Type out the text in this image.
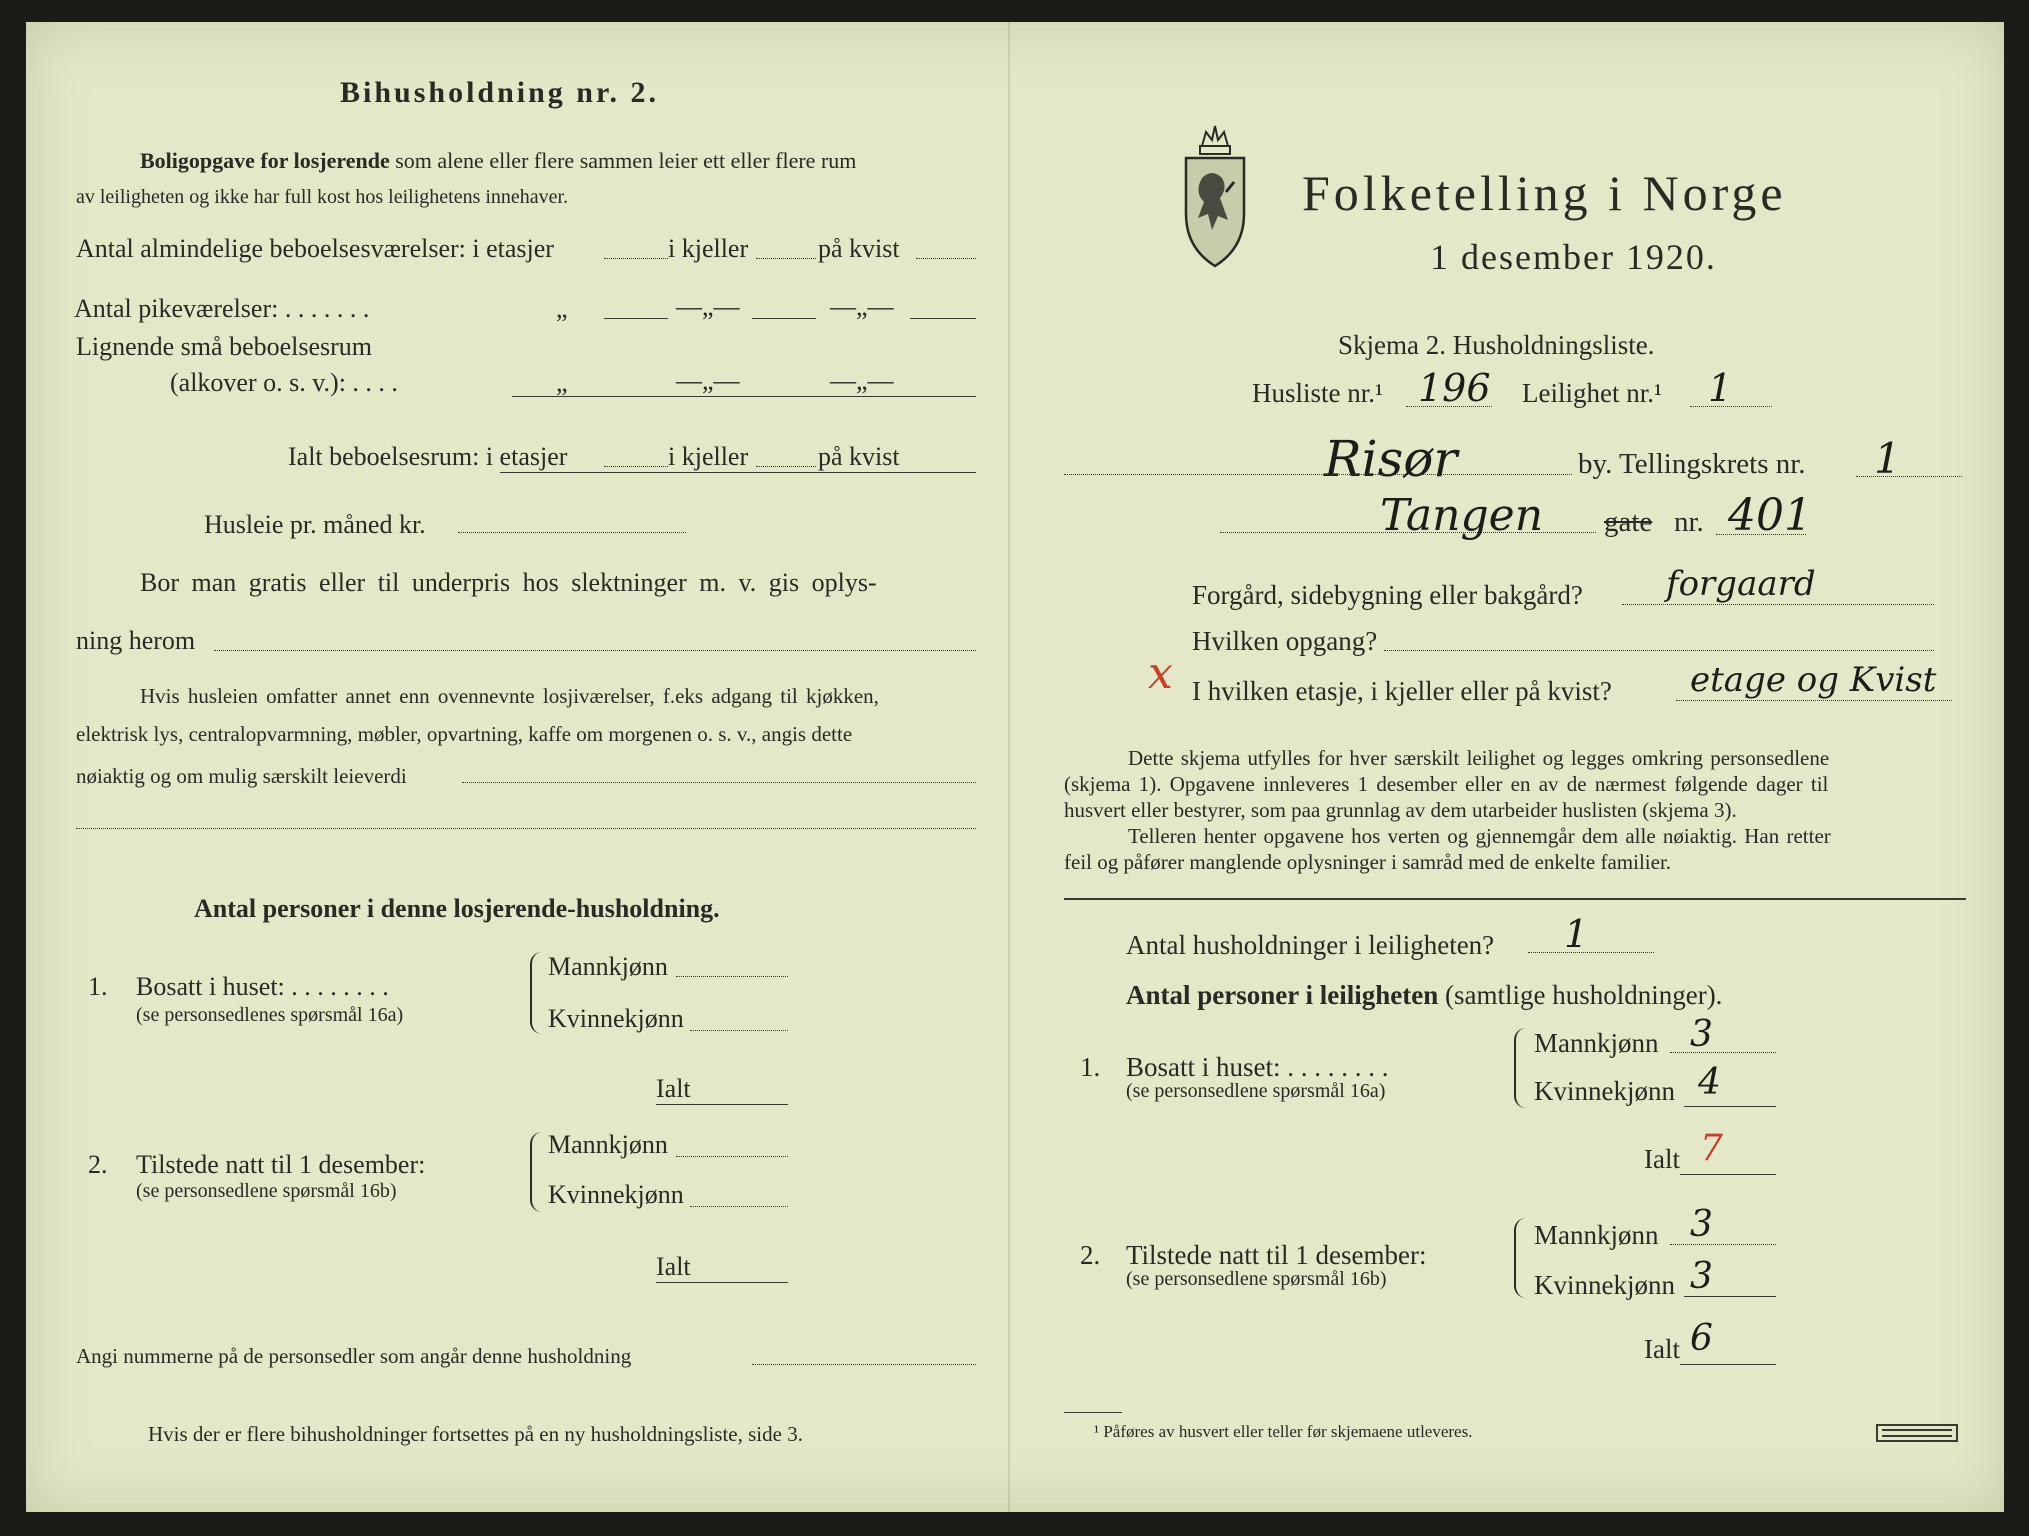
Bihusholdning nr. 2.
Boligopgave for losjerende som alene eller flere sammen leier ett eller flere rum
av leiligheten og ikke har full kost hos leilighetens innehaver.
Antal almindelige beboelsesværelser: i etasjer	i kjeller	på kvist
Antal pikeværelser: . . . . . . .	„	—„—	—„—
Lignende små beboelsesrum
(alkover o. s. v.): . . . .	„	—„—	—„—
Ialt beboelsesrum: i etasjer	i kjeller	på kvist
Husleie pr. måned kr.
Bor man gratis eller til underpris hos slektninger m. v. gis oplys-
ning herom
Hvis husleien omfatter annet enn ovennevnte losjiværelser, f.eks adgang til kjøkken,
elektrisk lys, centralopvarmning, møbler, opvartning, kaffe om morgenen o. s. v., angis dette
nøiaktig og om mulig særskilt leieverdi
Antal personer i denne losjerende-husholdning.
1. Bosatt i huset: . . . . . . . .
(se personsedlenes spørsmål 16a)
Mannkjønn
Kvinnekjønn
Ialt
2. Tilstede natt til 1 desember:
(se personsedlene spørsmål 16b)
Mannkjønn
Kvinnekjønn
Ialt
Angi nummerne på de personsedler som angår denne husholdning
Hvis der er flere bihusholdninger fortsettes på en ny husholdningsliste, side 3.
Folketelling i Norge
1 desember 1920.
Skjema 2. Husholdningsliste.
Husliste nr.¹ 196 Leilighet nr.¹ 1
Risør	by. Tellingskrets nr. 1
Tangen gate nr. 401
Forgård, sidebygning eller bakgård? forgaard
Hvilken opgang?
x I hvilken etasje, i kjeller eller på kvist? etage og Kvist
Dette skjema utfylles for hver særskilt leilighet og legges omkring personsedlene
(skjema 1). Opgavene innleveres 1 desember eller en av de nærmest følgende dager til
husvert eller bestyrer, som paa grunnlag av dem utarbeider huslisten (skjema 3).
Telleren henter opgavene hos verten og gjennemgår dem alle nøiaktig. Han retter
feil og påfører manglende oplysninger i samråd med de enkelte familier.
Antal husholdninger i leiligheten? 1
Antal personer i leiligheten (samtlige husholdninger).
1. Bosatt i huset: . . . . . . . .
(se personsedlene spørsmål 16a)
Mannkjønn 3
Kvinnekjønn 4
Ialt 7
2. Tilstede natt til 1 desember:
(se personsedlene spørsmål 16b)
Mannkjønn 3
Kvinnekjønn 3
Ialt 6
¹ Påføres av husvert eller teller før skjemaene utleveres.
